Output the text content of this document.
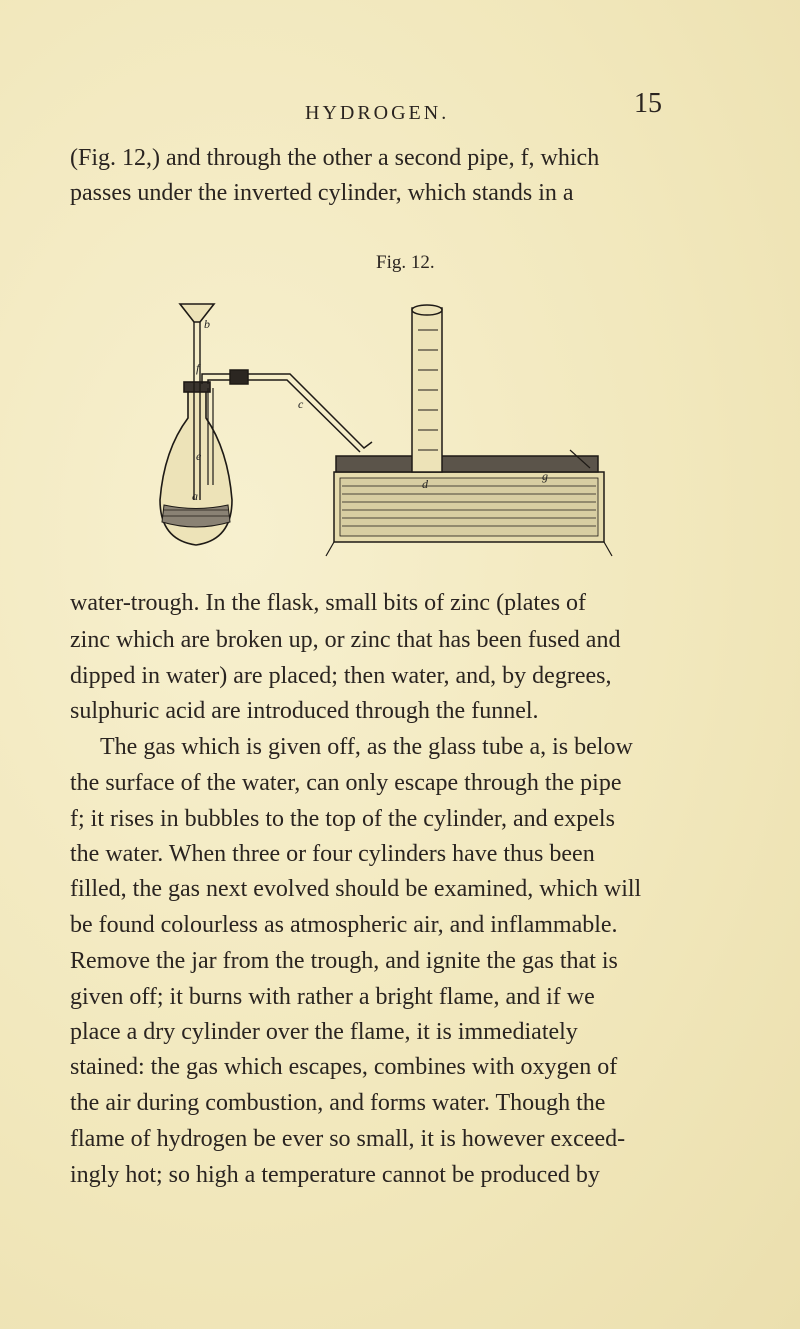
HYDROGEN.	15
(Fig. 12,) and through the other a second pipe, f, which
passes under the inverted cylinder, which stands in a
Fig. 12.
b
f
c
e
a
d
g
water-trough. In the flask, small bits of zinc (plates of
zinc which are broken up, or zinc that has been fused and
dipped in water) are placed; then water, and, by degrees,
sulphuric acid are introduced through the funnel.
The gas which is given off, as the glass tube a, is below
the surface of the water, can only escape through the pipe
f; it rises in bubbles to the top of the cylinder, and expels
the water. When three or four cylinders have thus been
filled, the gas next evolved should be examined, which will
be found colourless as atmospheric air, and inflammable.
Remove the jar from the trough, and ignite the gas that is
given off; it burns with rather a bright flame, and if we
place a dry cylinder over the flame, it is immediately
stained: the gas which escapes, combines with oxygen of
the air during combustion, and forms water. Though the
flame of hydrogen be ever so small, it is however exceed-
ingly hot; so high a temperature cannot be produced by
